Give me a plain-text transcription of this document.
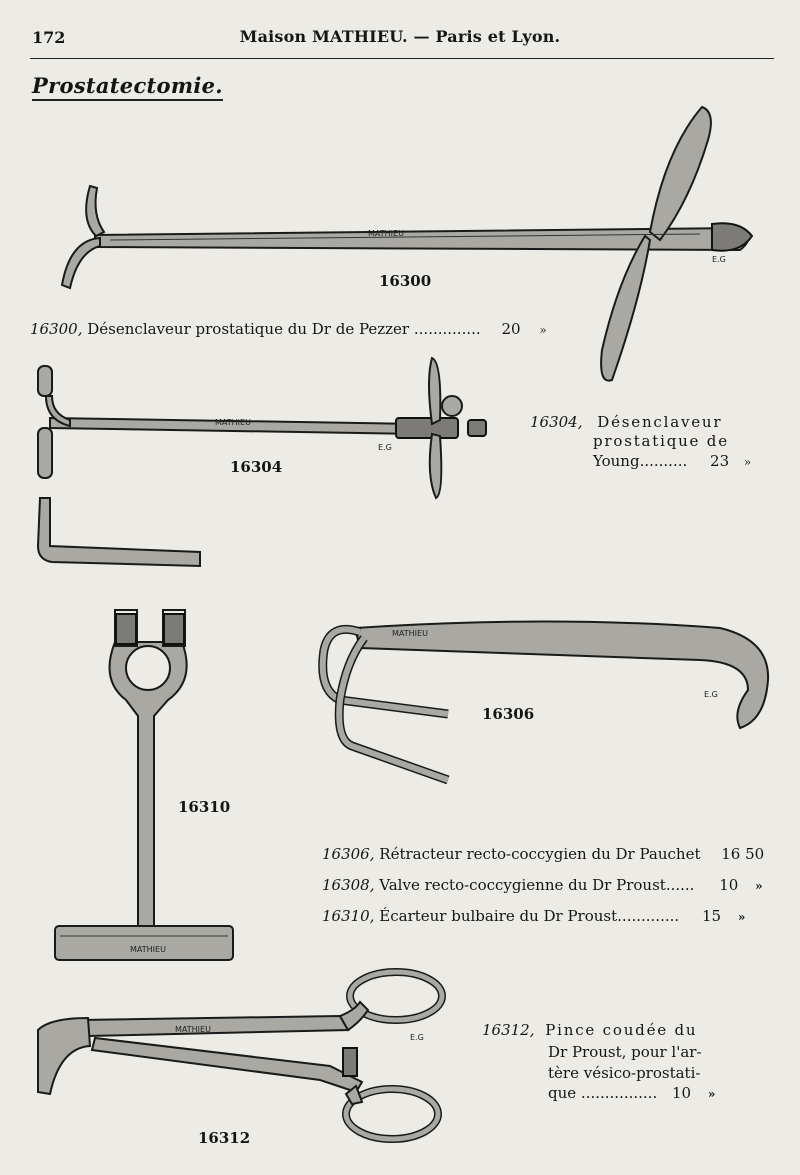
172	Maison MATHIEU. — Paris et Lyon.
Prostatectomie.
MATHIEU
E.G
MATHIEU
E.G
MATHIEU
MATHIEU
E.G
MATHIEU
E.G
16300
16304
16306
16310
16312
16300, Désenclaveur prostatique du Dr de Pezzer .............. 20 »
16304, Désenclaveur
prostatique de
Young.......... 23 »
16306, Rétracteur recto-coccygien du Dr Pauchet 16 50
16308, Valve recto-coccygienne du Dr Proust...... 10 »
16310, Écarteur bulbaire du Dr Proust............. 15 »
16312, Pince coudée du
Dr Proust, pour l'ar-
tère vésico-prostati-
que ................ 10 »
